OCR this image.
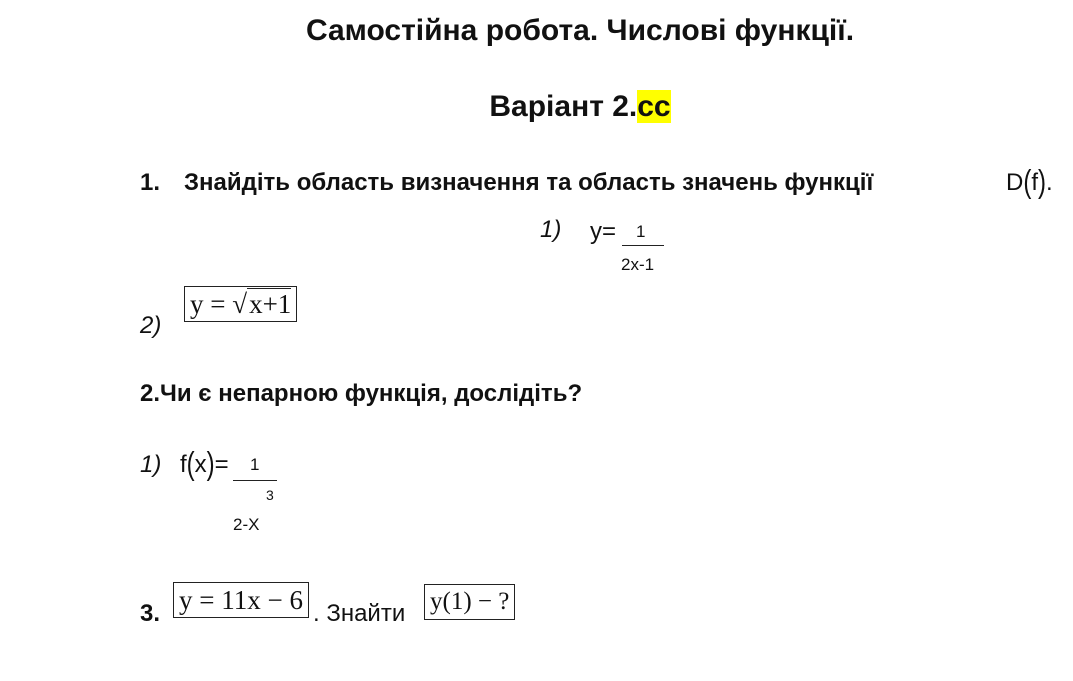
Самостійна робота. Числові функції.
Варіант 2.cc
1. Знайдіть область визначення та область значень функції	D(f).
1) y= 1
2x-1
2)
y = √x+1
2.Чи є непарною функція, дослідіть?
1) f(x)= 1
3
2-X
3. y = 11x − 6 . Знайти y(1) − ?
